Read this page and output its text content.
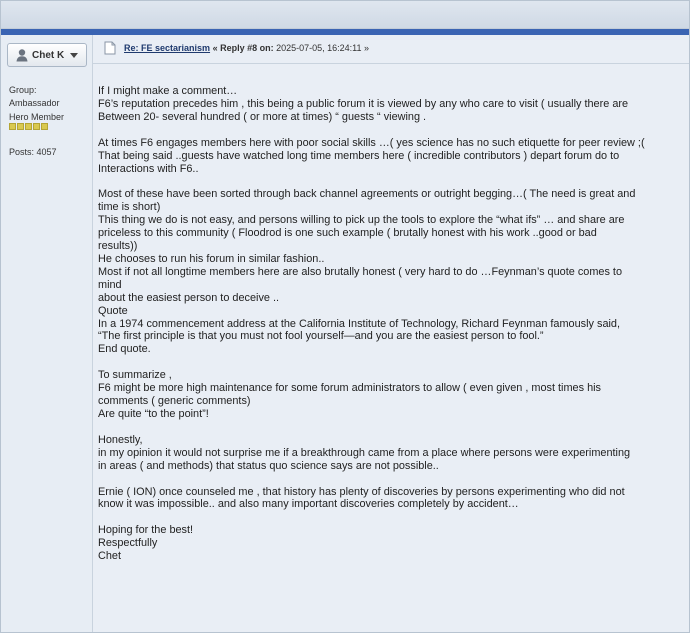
Chet K
Group:
Ambassador
Hero Member
Posts: 4057
Re: FE sectarianism « Reply #8 on: 2025-07-05, 16:24:11 »

If I might make a comment…

F6’s reputation precedes him , this being a public forum it is viewed by any who care to visit ( usually there are

Between 20- several hundred ( or more at times) “ guests “ viewing .

At times F6 engages members here with poor social skills …( yes science has no such etiquette for peer review ;(

That being said ..guests have watched long time members here ( incredible contributors ) depart forum do to

Interactions with F6..

Most of these have been sorted through back channel agreements or outright begging…( The need is great and

time is short)

This thing we do is not easy, and persons willing to pick up the tools to explore the “what ifs” … and share are

priceless to this community ( Floodrod is one such example ( brutally honest with his work ..good or bad

results))

He chooses to run his forum in similar fashion..

Most if not all longtime members here are also brutally honest ( very hard to do …Feynman’s quote comes to

mind

about the easiest person to deceive ..

Quote

In a 1974 commencement address at the California Institute of Technology, Richard Feynman famously said,

“The first principle is that you must not fool yourself—and you are the easiest person to fool.”

End quote.

To summarize ,

F6 might be more high maintenance for some forum administrators to allow ( even given , most times his

comments ( generic comments)

Are quite “to the point”!

Honestly,

in my opinion it would not surprise me if a breakthrough came from a place where persons were experimenting

in areas ( and methods) that status quo science says are not possible..

Ernie ( ION) once counseled me , that history has plenty of discoveries by persons experimenting who did not

know it was impossible.. and also many important discoveries completely by accident…

Hoping for the best!

Respectfully

Chet
